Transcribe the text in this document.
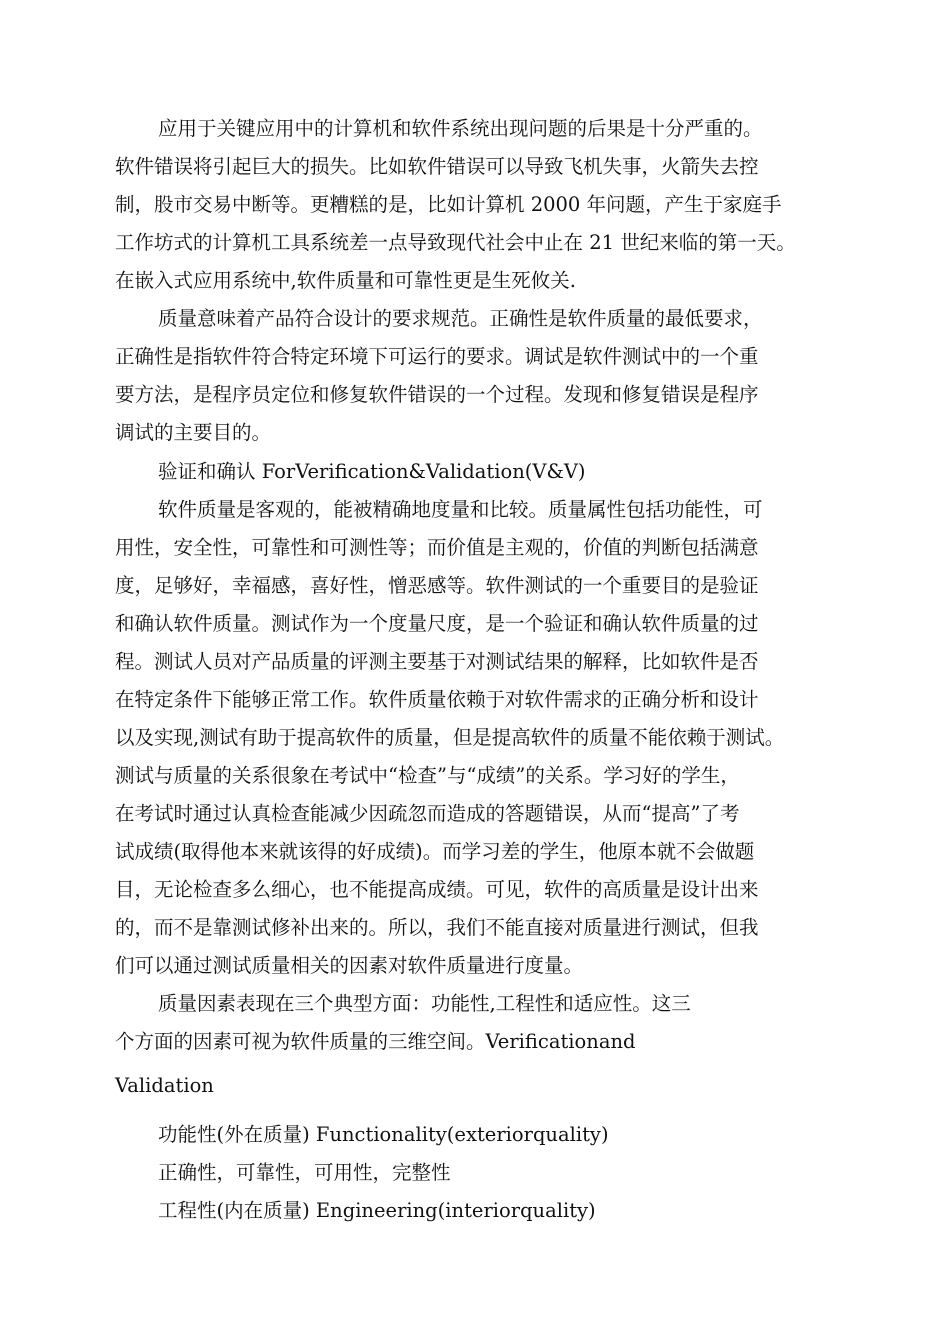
应用于关键应用中的计算机和软件系统出现问题的后果是十分严重的。
软件错误将引起巨大的损失。比如软件错误可以导致飞机失事，火箭失去控
制，股市交易中断等。更糟糕的是，比如计算机 2000 年问题，产生于家庭手
工作坊式的计算机工具系统差一点导致现代社会中止在 21 世纪来临的第一天。
在嵌入式应用系统中,软件质量和可靠性更是生死攸关.
质量意味着产品符合设计的要求规范。正确性是软件质量的最低要求，
正确性是指软件符合特定环境下可运行的要求。调试是软件测试中的一个重
要方法，是程序员定位和修复软件错误的一个过程。发现和修复错误是程序
调试的主要目的。
验证和确认 ForVerification&Validation(V&V)
软件质量是客观的，能被精确地度量和比较。质量属性包括功能性，可
用性，安全性，可靠性和可测性等；而价值是主观的，价值的判断包括满意
度，足够好，幸福感，喜好性，憎恶感等。软件测试的一个重要目的是验证
和确认软件质量。测试作为一个度量尺度，是一个验证和确认软件质量的过
程。测试人员对产品质量的评测主要基于对测试结果的解释，比如软件是否
在特定条件下能够正常工作。软件质量依赖于对软件需求的正确分析和设计
以及实现,测试有助于提高软件的质量，但是提高软件的质量不能依赖于测试。
测试与质量的关系很象在考试中“检查”与“成绩”的关系。学习好的学生，
在考试时通过认真检查能减少因疏忽而造成的答题错误，从而“提高”了考
试成绩(取得他本来就该得的好成绩)。而学习差的学生，他原本就不会做题
目，无论检查多么细心，也不能提高成绩。可见，软件的高质量是设计出来
的，而不是靠测试修补出来的。所以，我们不能直接对质量进行测试，但我
们可以通过测试质量相关的因素对软件质量进行度量。
质量因素表现在三个典型方面：功能性,工程性和适应性。这三
个方面的因素可视为软件质量的三维空间。Verificationand
Validation
功能性(外在质量) Functionality(exteriorquality)
正确性，可靠性，可用性，完整性
工程性(内在质量) Engineering(interiorquality)
